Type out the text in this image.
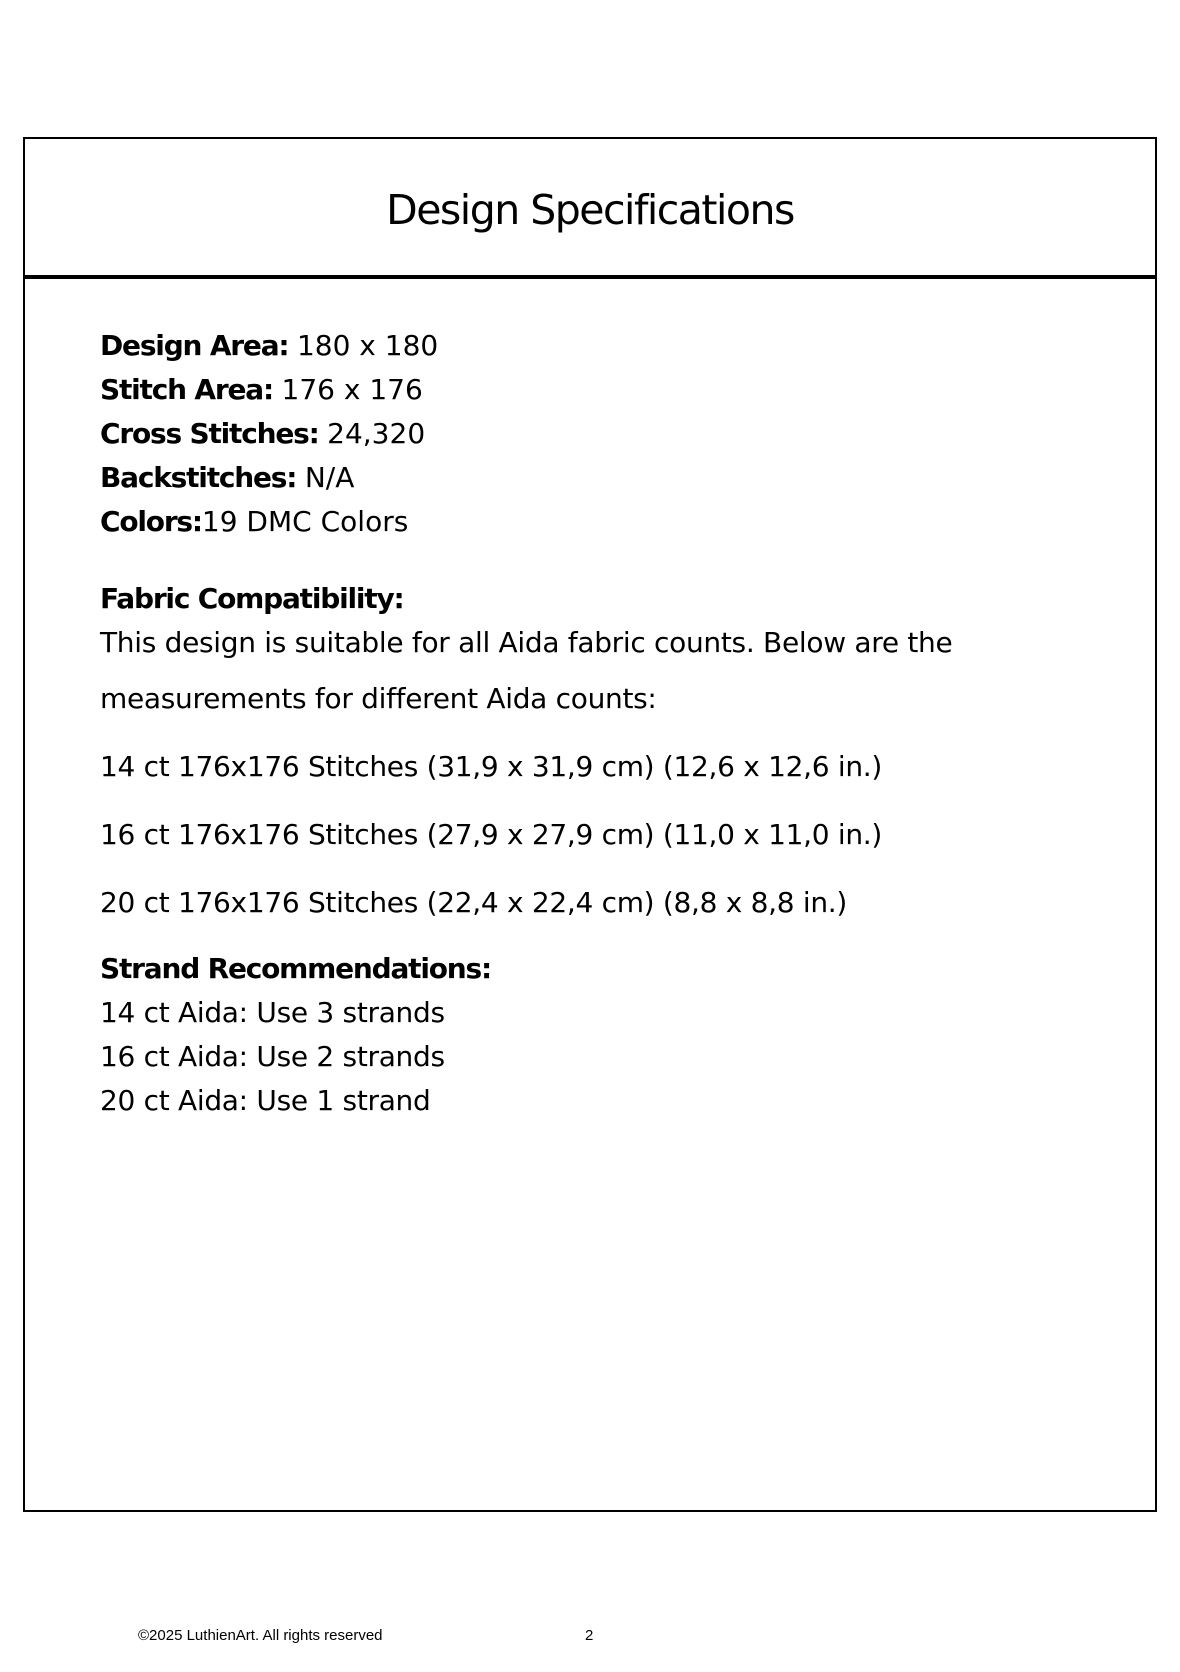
Design Specifications
Design Area: 180 x 180
Stitch Area: 176 x 176
Cross Stitches: 24,320
Backstitches: N/A
Colors:19 DMC Colors
Fabric Compatibility:
This design is suitable for all Aida fabric counts. Below are the
measurements for different Aida counts:
14 ct 176x176 Stitches (31,9 x 31,9 cm) (12,6 x 12,6 in.)
16 ct 176x176 Stitches (27,9 x 27,9 cm) (11,0 x 11,0 in.)
20 ct 176x176 Stitches (22,4 x 22,4 cm) (8,8 x 8,8 in.)
Strand Recommendations:
14 ct Aida: Use 3 strands
16 ct Aida: Use 2 strands
20 ct Aida: Use 1 strand
©2025 LuthienArt. All rights reserved	2
